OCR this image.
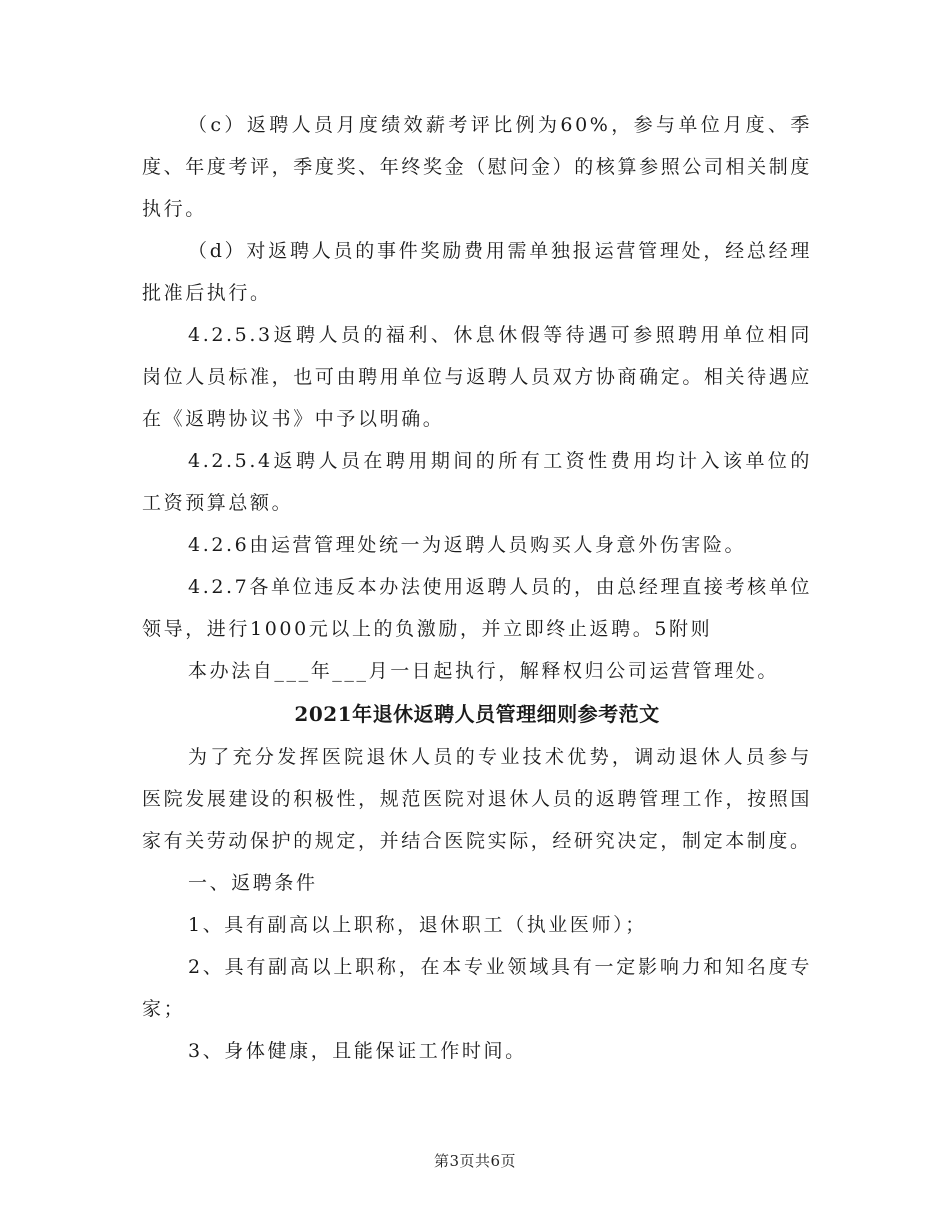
（c）返聘人员月度绩效薪考评比例为60%，参与单位月度、季度、年度考评，季度奖、年终奖金（慰问金）的核算参照公司相关制度执行。

（d）对返聘人员的事件奖励费用需单独报运营管理处，经总经理批准后执行。

4.2.5.3返聘人员的福利、休息休假等待遇可参照聘用单位相同岗位人员标准，也可由聘用单位与返聘人员双方协商确定。相关待遇应在《返聘协议书》中予以明确。

4.2.5.4返聘人员在聘用期间的所有工资性费用均计入该单位的工资预算总额。

4.2.6由运营管理处统一为返聘人员购买人身意外伤害险。

4.2.7各单位违反本办法使用返聘人员的，由总经理直接考核单位领导，进行1000元以上的负激励，并立即终止返聘。5附则

本办法自___年___月一日起执行，解释权归公司运营管理处。

2021年退休返聘人员管理细则参考范文

为了充分发挥医院退休人员的专业技术优势，调动退休人员参与医院发展建设的积极性，规范医院对退休人员的返聘管理工作，按照国家有关劳动保护的规定，并结合医院实际，经研究决定，制定本制度。

一、返聘条件

1、具有副高以上职称，退休职工（执业医师）；

2、具有副高以上职称，在本专业领域具有一定影响力和知名度专家；

3、身体健康，且能保证工作时间。

第3页共6页
